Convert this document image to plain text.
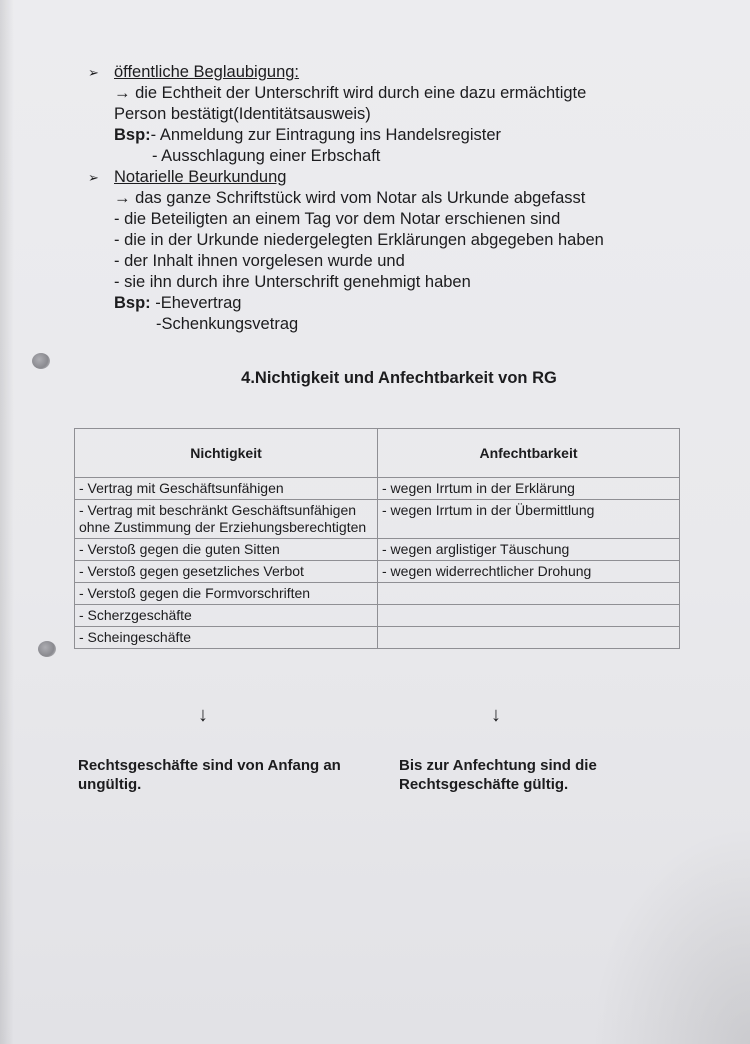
➢ öffentliche Beglaubigung:
→ die Echtheit der Unterschrift wird durch eine dazu ermächtigte
Person bestätigt(Identitätsausweis)
Bsp:- Anmeldung zur Eintragung ins Handelsregister
- Ausschlagung einer Erbschaft
➢ Notarielle Beurkundung
→ das ganze Schriftstück wird vom Notar als Urkunde abgefasst
- die Beteiligten an einem Tag vor dem Notar erschienen sind
- die in der Urkunde niedergelegten Erklärungen abgegeben haben
- der Inhalt ihnen vorgelesen wurde und
- sie ihn durch ihre Unterschrift genehmigt haben
Bsp: -Ehevertrag
-Schenkungsvetrag
4.Nichtigkeit und Anfechtbarkeit von RG
Nichtigkeit	Anfechtbarkeit
- Vertrag mit Geschäftsunfähigen	- wegen Irrtum in der Erklärung
- Vertrag mit beschränkt Geschäftsunfähigen ohne Zustimmung der Erziehungsberechtigten	- wegen Irrtum in der Übermittlung
- Verstoß gegen die guten Sitten	- wegen arglistiger Täuschung
- Verstoß gegen gesetzliches Verbot	- wegen widerrechtlicher Drohung
- Verstoß gegen die Formvorschriften	
- Scherzgeschäfte	
- Scheingeschäfte	
↓	↓
Rechtsgeschäfte sind von Anfang an ungültig.
Bis zur Anfechtung sind die Rechtsgeschäfte gültig.
